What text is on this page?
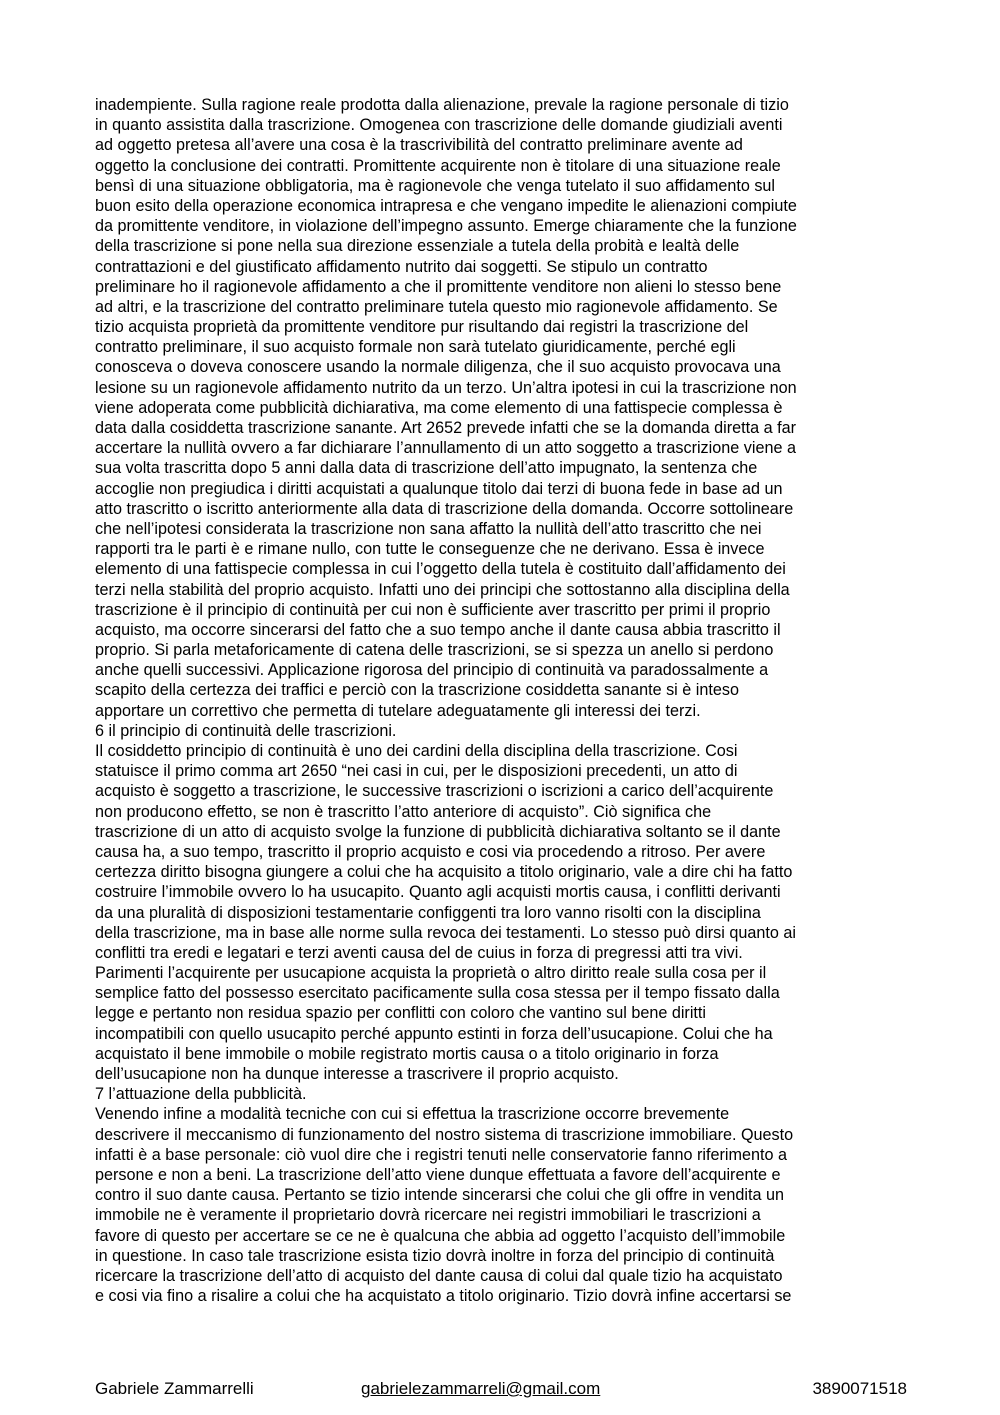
inadempiente. Sulla ragione reale prodotta dalla alienazione, prevale la ragione personale di tizio
in quanto assistita dalla trascrizione. Omogenea con trascrizione delle domande giudiziali aventi
ad oggetto pretesa all’avere una cosa è la trascrivibilità del contratto preliminare avente ad
oggetto la conclusione dei contratti. Promittente acquirente non è titolare di una situazione reale
bensì di una situazione obbligatoria, ma è ragionevole che venga tutelato il suo affidamento sul
buon esito della operazione economica intrapresa e che vengano impedite le alienazioni compiute
da promittente venditore, in violazione dell’impegno assunto. Emerge chiaramente che la funzione
della trascrizione si pone nella sua direzione essenziale a tutela della probità e lealtà delle
contrattazioni e del giustificato affidamento nutrito dai soggetti. Se stipulo un contratto
preliminare ho il ragionevole affidamento a che il promittente venditore non alieni lo stesso bene
ad altri, e la trascrizione del contratto preliminare tutela questo mio ragionevole affidamento. Se
tizio acquista proprietà da promittente venditore pur risultando dai registri la trascrizione del
contratto preliminare, il suo acquisto formale non sarà tutelato giuridicamente, perché egli
conosceva o doveva conoscere usando la normale diligenza, che il suo acquisto provocava una
lesione su un ragionevole affidamento nutrito da un terzo. Un’altra ipotesi in cui la trascrizione non
viene adoperata come pubblicità dichiarativa, ma come elemento di una fattispecie complessa è
data dalla cosiddetta trascrizione sanante. Art 2652 prevede infatti che se la domanda diretta a far
accertare la nullità ovvero a far dichiarare l’annullamento di un atto soggetto a trascrizione viene a
sua volta trascritta dopo 5 anni dalla data di trascrizione dell’atto impugnato, la sentenza che
accoglie non pregiudica i diritti acquistati a qualunque titolo dai terzi di buona fede in base ad un
atto trascritto o iscritto anteriormente alla data di trascrizione della domanda. Occorre sottolineare
che nell’ipotesi considerata la trascrizione non sana affatto la nullità dell’atto trascritto che nei
rapporti tra le parti è e rimane nullo, con tutte le conseguenze che ne derivano. Essa è invece
elemento di una fattispecie complessa in cui l’oggetto della tutela è costituito dall’affidamento dei
terzi nella stabilità del proprio acquisto. Infatti uno dei principi che sottostanno alla disciplina della
trascrizione è il principio di continuità per cui non è sufficiente aver trascritto per primi il proprio
acquisto, ma occorre sincerarsi del fatto che a suo tempo anche il dante causa abbia trascritto il
proprio. Si parla metaforicamente di catena delle trascrizioni, se si spezza un anello si perdono
anche quelli successivi. Applicazione rigorosa del principio di continuità va paradossalmente a
scapito della certezza dei traffici e perciò con la trascrizione cosiddetta sanante si è inteso
apportare un correttivo che permetta di tutelare adeguatamente gli interessi dei terzi.
6 il principio di continuità delle trascrizioni.
Il cosiddetto principio di continuità è uno dei cardini della disciplina della trascrizione. Cosi
statuisce il primo comma art 2650 “nei casi in cui, per le disposizioni precedenti, un atto di
acquisto è soggetto a trascrizione, le successive trascrizioni o iscrizioni a carico dell’acquirente
non producono effetto, se non è trascritto l’atto anteriore di acquisto”. Ciò significa che
trascrizione di un atto di acquisto svolge la funzione di pubblicità dichiarativa soltanto se il dante
causa ha, a suo tempo, trascritto il proprio acquisto e cosi via procedendo a ritroso. Per avere
certezza diritto bisogna giungere a colui che ha acquisito a titolo originario, vale a dire chi ha fatto
costruire l’immobile ovvero lo ha usucapito. Quanto agli acquisti mortis causa, i conflitti derivanti
da una pluralità di disposizioni testamentarie configgenti tra loro vanno risolti con la disciplina
della trascrizione, ma in base alle norme sulla revoca dei testamenti. Lo stesso può dirsi quanto ai
conflitti tra eredi e legatari e terzi aventi causa del de cuius in forza di pregressi atti tra vivi.
Parimenti l’acquirente per usucapione acquista la proprietà o altro diritto reale sulla cosa per il
semplice fatto del possesso esercitato pacificamente sulla cosa stessa per il tempo fissato dalla
legge e pertanto non residua spazio per conflitti con coloro che vantino sul bene diritti
incompatibili con quello usucapito perché appunto estinti in forza dell’usucapione. Colui che ha
acquistato il bene immobile o mobile registrato mortis causa o a titolo originario in forza
dell’usucapione non ha dunque interesse a trascrivere il proprio acquisto.
7 l’attuazione della pubblicità.
Venendo infine a modalità tecniche con cui si effettua la trascrizione occorre brevemente
descrivere il meccanismo di funzionamento del nostro sistema di trascrizione immobiliare. Questo
infatti è a base personale: ciò vuol dire che i registri tenuti nelle conservatorie fanno riferimento a
persone e non a beni. La trascrizione dell’atto viene dunque effettuata a favore dell’acquirente e
contro il suo dante causa. Pertanto se tizio intende sincerarsi che colui che gli offre in vendita un
immobile ne è veramente il proprietario dovrà ricercare nei registri immobiliari le trascrizioni a
favore di questo per accertare se ce ne è qualcuna che abbia ad oggetto l’acquisto dell’immobile
in questione. In caso tale trascrizione esista tizio dovrà inoltre in forza del principio di continuità
ricercare la trascrizione dell’atto di acquisto del dante causa di colui dal quale tizio ha acquistato
e cosi via fino a risalire a colui che ha acquistato a titolo originario. Tizio dovrà infine accertarsi se
Gabriele Zammarrelli	gabrielezammarreli@gmail.com	3890071518
